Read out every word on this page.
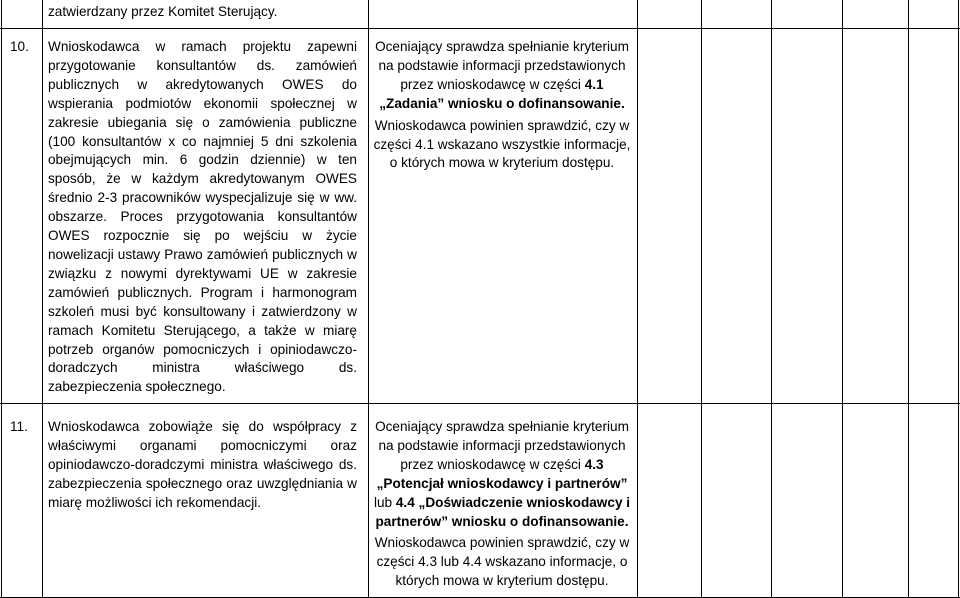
zatwierdzany przez Komitet Sterujący.
10. Wnioskodawca w ramach projektu zapewni przygotowanie konsultantów ds. zamówień publicznych w akredytowanych OWES do wspierania podmiotów ekonomii społecznej w zakresie ubiegania się o zamówienia publiczne (100 konsultantów x co najmniej 5 dni szkolenia obejmujących min. 6 godzin dziennie) w ten sposób, że w każdym akredytowanym OWES średnio 2-3 pracowników wyspecjalizuje się w ww. obszarze. Proces przygotowania konsultantów OWES rozpocznie się po wejściu w życie nowelizacji ustawy Prawo zamówień publicznych w związku z nowymi dyrektywami UE w zakresie zamówień publicznych. Program i harmonogram szkoleń musi być konsultowany i zatwierdzony w ramach Komitetu Sterującego, a także w miarę potrzeb organów pomocniczych i opiniodawczo-doradczych ministra właściwego ds. zabezpieczenia społecznego.
Oceniający sprawdza spełnianie kryterium na podstawie informacji przedstawionych przez wnioskodawcę w części 4.1
„Zadania” wniosku o dofinansowanie.
Wnioskodawca powinien sprawdzić, czy w części 4.1 wskazano wszystkie informacje, o których mowa w kryterium dostępu.
11. Wnioskodawca zobowiąże się do współpracy z właściwymi organami pomocniczymi oraz opiniodawczo-doradczymi ministra właściwego ds. zabezpieczenia społecznego oraz uwzględniania w miarę możliwości ich rekomendacji.
Oceniający sprawdza spełnianie kryterium na podstawie informacji przedstawionych przez wnioskodawcę w części 4.3
„Potencjał wnioskodawcy i partnerów” lub 4.4 „Doświadczenie wnioskodawcy i partnerów” wniosku o dofinansowanie.
Wnioskodawca powinien sprawdzić, czy w części 4.3 lub 4.4 wskazano informacje, o których mowa w kryterium dostępu.
